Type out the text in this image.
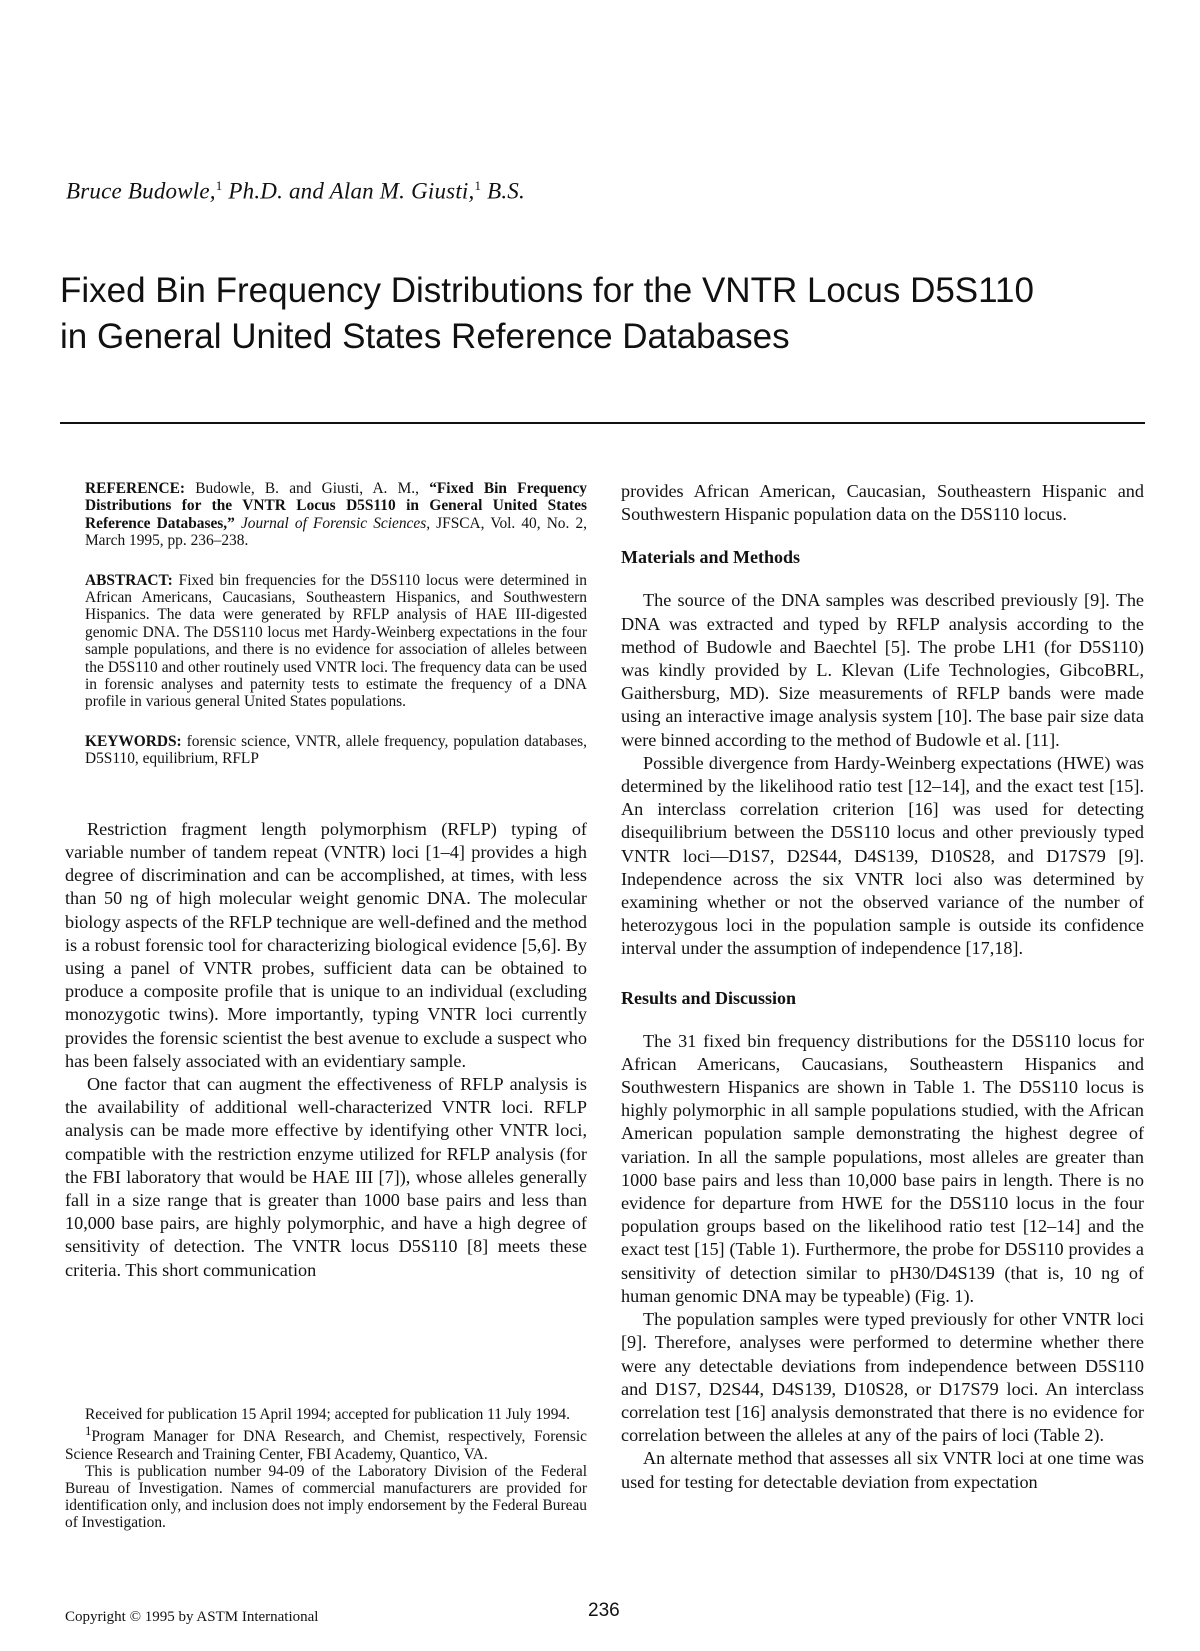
Bruce Budowle,$^1$ Ph.D. and Alan M. Giusti,$^1$ B.S.
Fixed Bin Frequency Distributions for the VNTR Locus D5S110
in General United States Reference Databases
REFERENCE: Budowle, B. and Giusti, A. M., “Fixed Bin Frequency Distributions for the VNTR Locus D5S110 in General United States Reference Databases,” Journal of Forensic Sciences, JFSCA, Vol. 40, No. 2, March 1995, pp. 236–238.
ABSTRACT: Fixed bin frequencies for the D5S110 locus were determined in African Americans, Caucasians, Southeastern Hispanics, and Southwestern Hispanics. The data were generated by RFLP analysis of HAE III-digested genomic DNA. The D5S110 locus met Hardy-Weinberg expectations in the four sample populations, and there is no evidence for association of alleles between the D5S110 and other routinely used VNTR loci. The frequency data can be used in forensic analyses and paternity tests to estimate the frequency of a DNA profile in various general United States populations.
KEYWORDS: forensic science, VNTR, allele frequency, population databases, D5S110, equilibrium, RFLP

Restriction fragment length polymorphism (RFLP) typing of variable number of tandem repeat (VNTR) loci [1–4] provides a high degree of discrimination and can be accomplished, at times, with less than 50 ng of high molecular weight genomic DNA. The molecular biology aspects of the RFLP technique are well-defined and the method is a robust forensic tool for characterizing biological evidence [5,6]. By using a panel of VNTR probes, sufficient data can be obtained to produce a composite profile that is unique to an individual (excluding monozygotic twins). More importantly, typing VNTR loci currently provides the forensic scientist the best avenue to exclude a suspect who has been falsely associated with an evidentiary sample.

One factor that can augment the effectiveness of RFLP analysis is the availability of additional well-characterized VNTR loci. RFLP analysis can be made more effective by identifying other VNTR loci, compatible with the restriction enzyme utilized for RFLP analysis (for the FBI laboratory that would be HAE III [7]), whose alleles generally fall in a size range that is greater than 1000 base pairs and less than 10,000 base pairs, are highly polymorphic, and have a high degree of sensitivity of detection. The VNTR locus D5S110 [8] meets these criteria. This short communication

Received for publication 15 April 1994; accepted for publication 11 July 1994.

$^1$Program Manager for DNA Research, and Chemist, respectively, Forensic Science Research and Training Center, FBI Academy, Quantico, VA.

This is publication number 94-09 of the Laboratory Division of the Federal Bureau of Investigation. Names of commercial manufacturers are provided for identification only, and inclusion does not imply endorsement by the Federal Bureau of Investigation.

provides African American, Caucasian, Southeastern Hispanic and Southwestern Hispanic population data on the D5S110 locus.

Materials and Methods

The source of the DNA samples was described previously [9]. The DNA was extracted and typed by RFLP analysis according to the method of Budowle and Baechtel [5]. The probe LH1 (for D5S110) was kindly provided by L. Klevan (Life Technologies, GibcoBRL, Gaithersburg, MD). Size measurements of RFLP bands were made using an interactive image analysis system [10]. The base pair size data were binned according to the method of Budowle et al. [11].

Possible divergence from Hardy-Weinberg expectations (HWE) was determined by the likelihood ratio test [12–14], and the exact test [15]. An interclass correlation criterion [16] was used for detecting disequilibrium between the D5S110 locus and other previously typed VNTR loci—D1S7, D2S44, D4S139, D10S28, and D17S79 [9]. Independence across the six VNTR loci also was determined by examining whether or not the observed variance of the number of heterozygous loci in the population sample is outside its confidence interval under the assumption of independence [17,18].

Results and Discussion

The 31 fixed bin frequency distributions for the D5S110 locus for African Americans, Caucasians, Southeastern Hispanics and Southwestern Hispanics are shown in Table 1. The D5S110 locus is highly polymorphic in all sample populations studied, with the African American population sample demonstrating the highest degree of variation. In all the sample populations, most alleles are greater than 1000 base pairs and less than 10,000 base pairs in length. There is no evidence for departure from HWE for the D5S110 locus in the four population groups based on the likelihood ratio test [12–14] and the exact test [15] (Table 1). Furthermore, the probe for D5S110 provides a sensitivity of detection similar to pH30/D4S139 (that is, 10 ng of human genomic DNA may be typeable) (Fig. 1).

The population samples were typed previously for other VNTR loci [9]. Therefore, analyses were performed to determine whether there were any detectable deviations from independence between D5S110 and D1S7, D2S44, D4S139, D10S28, or D17S79 loci. An interclass correlation test [16] analysis demonstrated that there is no evidence for correlation between the alleles at any of the pairs of loci (Table 2).

An alternate method that assesses all six VNTR loci at one time was used for testing for detectable deviation from expectation

Copyright © 1995 by ASTM International	236
